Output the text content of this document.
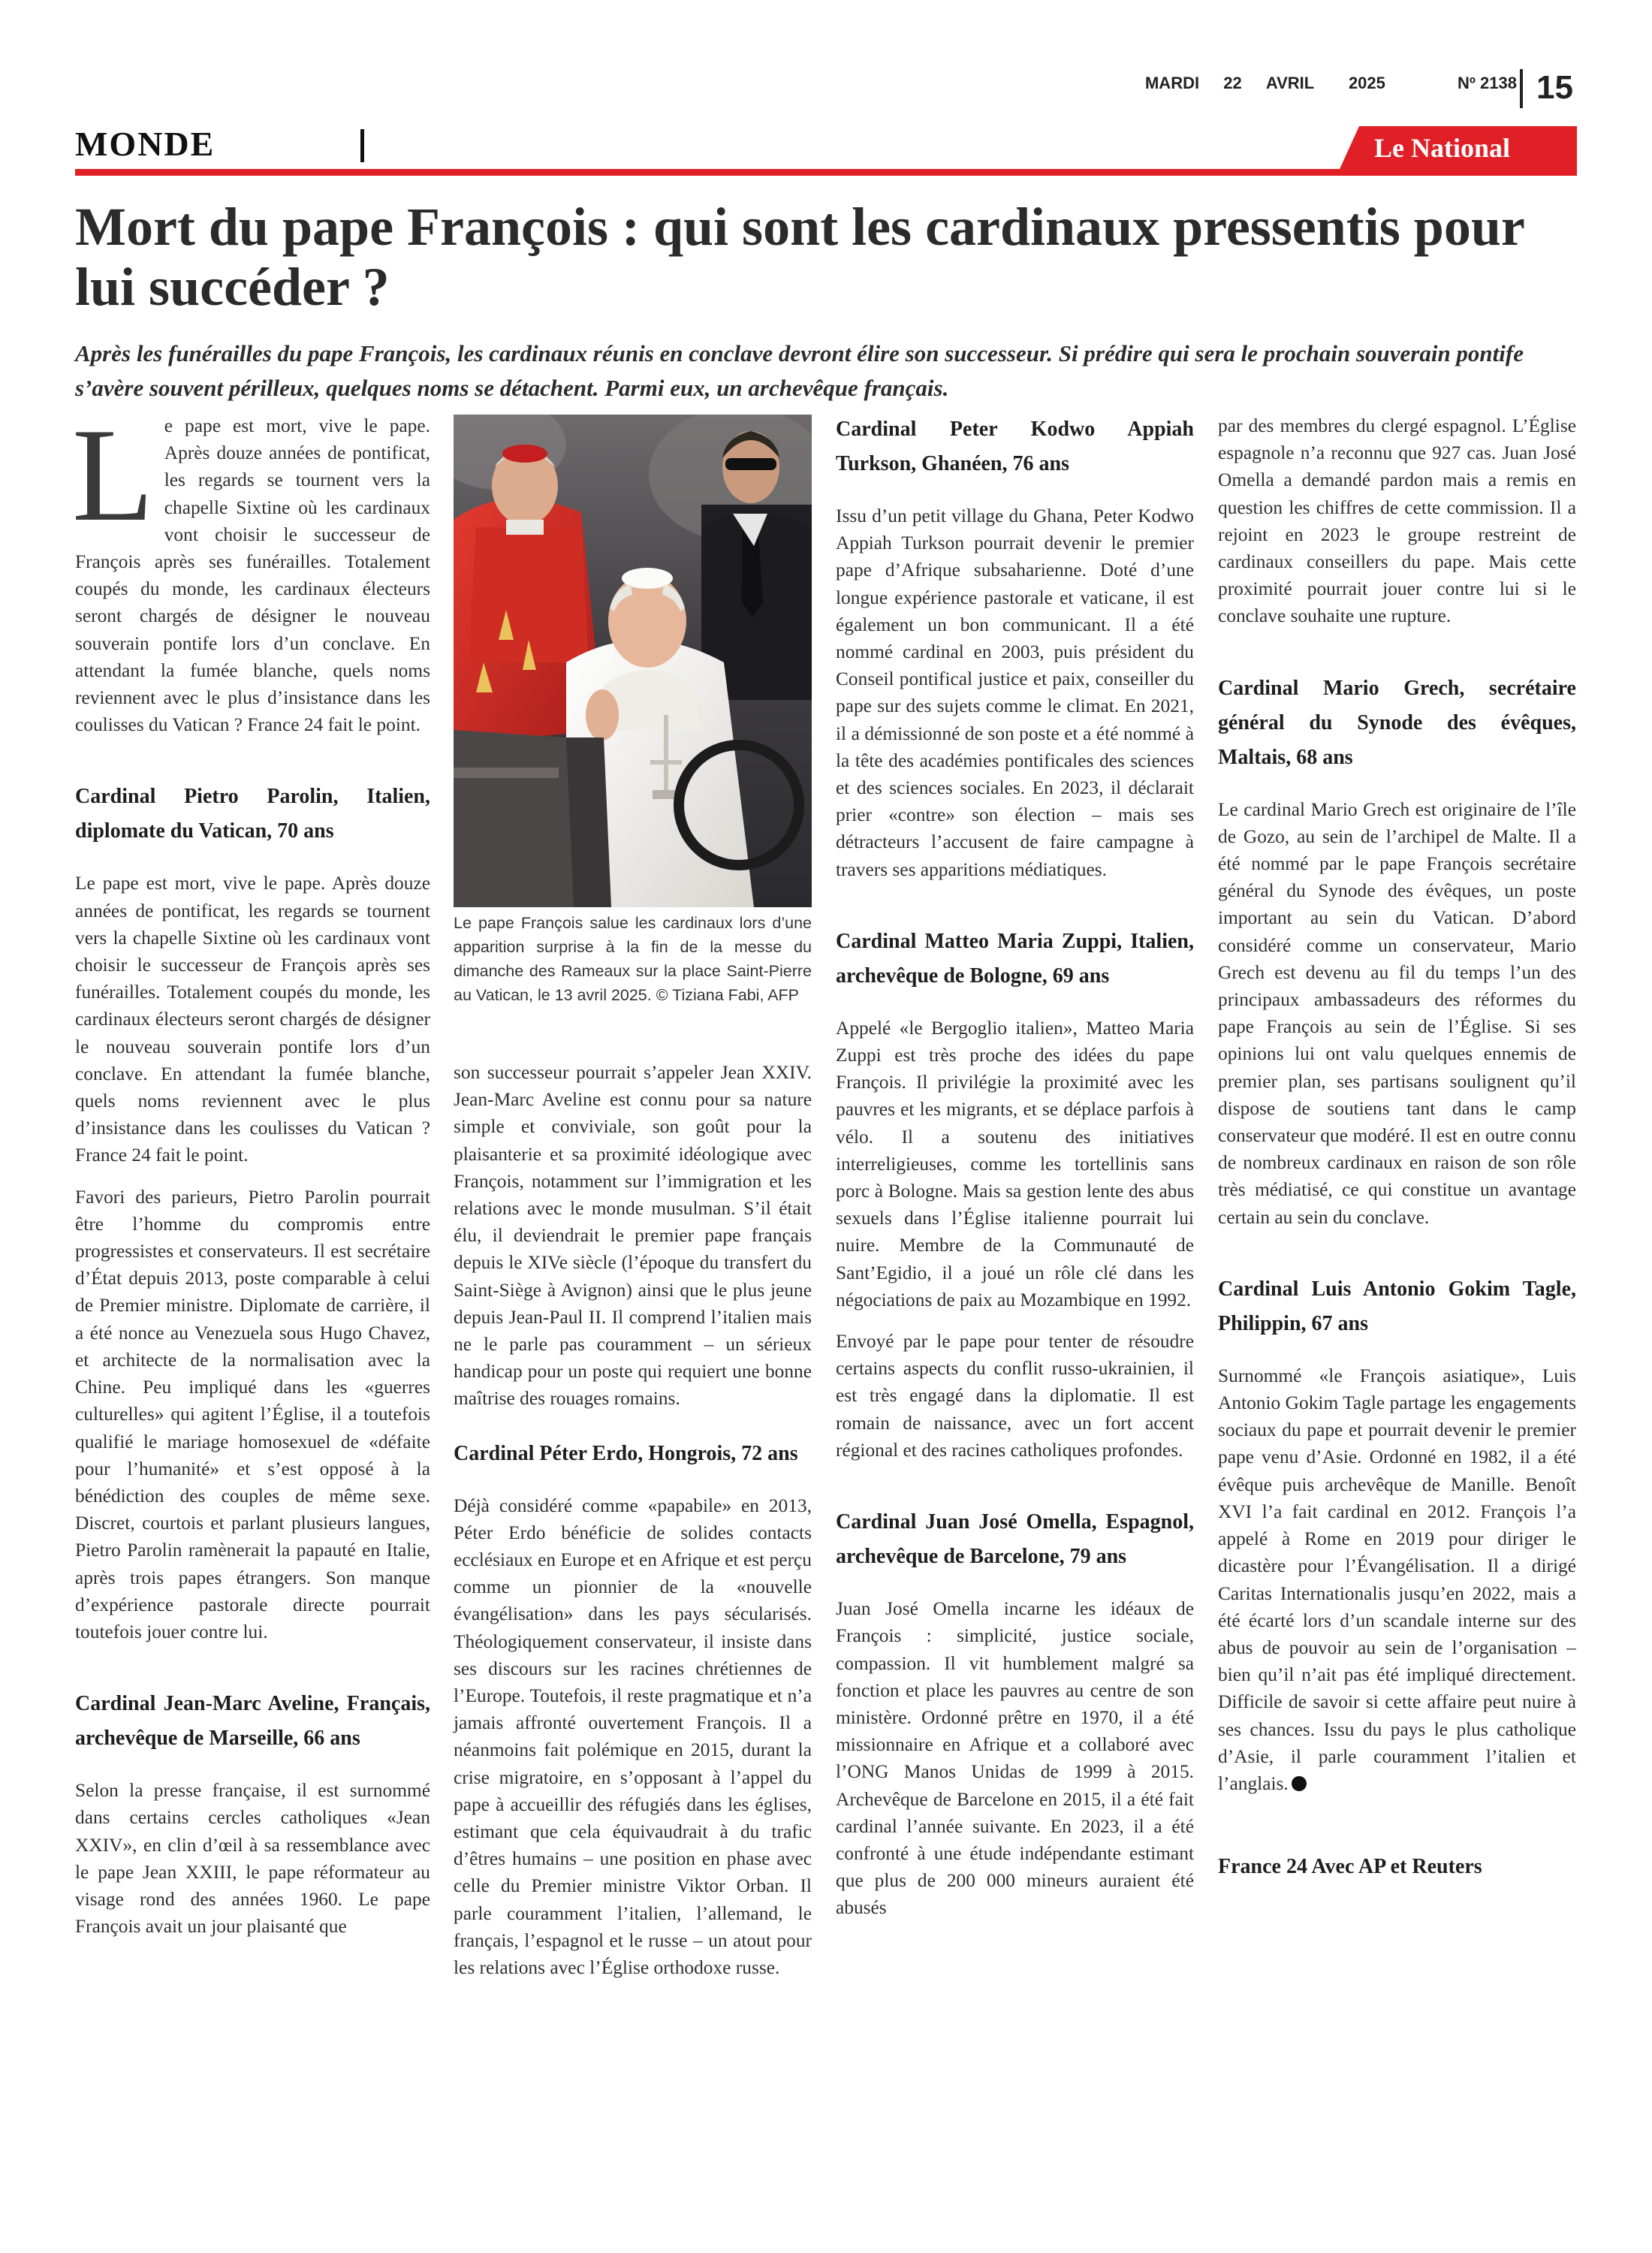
MARDI 22 AVRIL 2025	Nº 2138 15
MONDE	Le National
Mort du pape François : qui sont les cardinaux pressentis pour lui succéder ?

Après les funérailles du pape François, les cardinaux réunis en conclave devront élire son successeur. Si prédire qui sera le prochain souverain pontife s’avère souvent périlleux, quelques noms se détachent. Parmi eux, un archevêque français.

Le pape est mort, vive le pape. Après douze années de pontificat, les regards se tournent vers la chapelle Sixtine où les cardinaux vont choisir le successeur de François après ses funérailles. Totalement coupés du monde, les cardinaux électeurs seront chargés de désigner le nouveau souverain pontife lors d’un conclave. En attendant la fumée blanche, quels noms reviennent avec le plus d’insistance dans les coulisses du Vatican ? France 24 fait le point.

Cardinal Pietro Parolin, Italien, diplomate du Vatican, 70 ans

Le pape est mort, vive le pape. Après douze années de pontificat, les regards se tournent vers la chapelle Sixtine où les cardinaux vont choisir le successeur de François après ses funérailles. Totalement coupés du monde, les cardinaux électeurs seront chargés de désigner le nouveau souverain pontife lors d’un conclave. En attendant la fumée blanche, quels noms reviennent avec le plus d’insistance dans les coulisses du Vatican ? France 24 fait le point.

Favori des parieurs, Pietro Parolin pourrait être l’homme du compromis entre progressistes et conservateurs. Il est secrétaire d’État depuis 2013, poste comparable à celui de Premier ministre. Diplomate de carrière, il a été nonce au Venezuela sous Hugo Chavez, et architecte de la normalisation avec la Chine. Peu impliqué dans les «guerres culturelles» qui agitent l’Église, il a toutefois qualifié le mariage homosexuel de «défaite pour l’humanité» et s’est opposé à la bénédiction des couples de même sexe. Discret, courtois et parlant plusieurs langues, Pietro Parolin ramènerait la papauté en Italie, après trois papes étrangers. Son manque d’expérience pastorale directe pourrait toutefois jouer contre lui.

Cardinal Jean-Marc Aveline, Français, archevêque de Marseille, 66 ans

Selon la presse française, il est surnommé dans certains cercles catholiques «Jean XXIV», en clin d’œil à sa ressemblance avec le pape Jean XXIII, le pape réformateur au visage rond des années 1960. Le pape François avait un jour plaisanté que

Le pape François salue les cardinaux lors d’une apparition surprise à la fin de la messe du dimanche des Rameaux sur la place Saint-Pierre au Vatican, le 13 avril 2025. © Tiziana Fabi, AFP

son successeur pourrait s’appeler Jean XXIV. Jean-Marc Aveline est connu pour sa nature simple et conviviale, son goût pour la plaisanterie et sa proximité idéologique avec François, notamment sur l’immigration et les relations avec le monde musulman. S’il était élu, il deviendrait le premier pape français depuis le XIVe siècle (l’époque du transfert du Saint-Siège à Avignon) ainsi que le plus jeune depuis Jean-Paul II. Il comprend l’italien mais ne le parle pas couramment – un sérieux handicap pour un poste qui requiert une bonne maîtrise des rouages romains.

Cardinal Péter Erdo, Hongrois, 72 ans

Déjà considéré comme «papabile» en 2013, Péter Erdo bénéficie de solides contacts ecclésiaux en Europe et en Afrique et est perçu comme un pionnier de la «nouvelle évangélisation» dans les pays sécularisés. Théologiquement conservateur, il insiste dans ses discours sur les racines chrétiennes de l’Europe. Toutefois, il reste pragmatique et n’a jamais affronté ouvertement François. Il a néanmoins fait polémique en 2015, durant la crise migratoire, en s’opposant à l’appel du pape à accueillir des réfugiés dans les églises, estimant que cela équivaudrait à du trafic d’êtres humains – une position en phase avec celle du Premier ministre Viktor Orban. Il parle couramment l’italien, l’allemand, le français, l’espagnol et le russe – un atout pour les relations avec l’Église orthodoxe russe.

Cardinal Peter Kodwo Appiah Turkson, Ghanéen, 76 ans

Issu d’un petit village du Ghana, Peter Kodwo Appiah Turkson pourrait devenir le premier pape d’Afrique subsaharienne. Doté d’une longue expérience pastorale et vaticane, il est également un bon communicant. Il a été nommé cardinal en 2003, puis président du Conseil pontifical justice et paix, conseiller du pape sur des sujets comme le climat. En 2021, il a démissionné de son poste et a été nommé à la tête des académies pontificales des sciences et des sciences sociales. En 2023, il déclarait prier «contre» son élection – mais ses détracteurs l’accusent de faire campagne à travers ses apparitions médiatiques.

Cardinal Matteo Maria Zuppi, Italien, archevêque de Bologne, 69 ans

Appelé «le Bergoglio italien», Matteo Maria Zuppi est très proche des idées du pape François. Il privilégie la proximité avec les pauvres et les migrants, et se déplace parfois à vélo. Il a soutenu des initiatives interreligieuses, comme les tortellinis sans porc à Bologne. Mais sa gestion lente des abus sexuels dans l’Église italienne pourrait lui nuire. Membre de la Communauté de Sant’Egidio, il a joué un rôle clé dans les négociations de paix au Mozambique en 1992.

Envoyé par le pape pour tenter de résoudre certains aspects du conflit russo-ukrainien, il est très engagé dans la diplomatie. Il est romain de naissance, avec un fort accent régional et des racines catholiques profondes.

Cardinal Juan José Omella, Espagnol, archevêque de Barcelone, 79 ans

Juan José Omella incarne les idéaux de François : simplicité, justice sociale, compassion. Il vit humblement malgré sa fonction et place les pauvres au centre de son ministère. Ordonné prêtre en 1970, il a été missionnaire en Afrique et a collaboré avec l’ONG Manos Unidas de 1999 à 2015. Archevêque de Barcelone en 2015, il a été fait cardinal l’année suivante. En 2023, il a été confronté à une étude indépendante estimant que plus de 200 000 mineurs auraient été abusés

par des membres du clergé espagnol. L’Église espagnole n’a reconnu que 927 cas. Juan José Omella a demandé pardon mais a remis en question les chiffres de cette commission. Il a rejoint en 2023 le groupe restreint de cardinaux conseillers du pape. Mais cette proximité pourrait jouer contre lui si le conclave souhaite une rupture.

Cardinal Mario Grech, secrétaire général du Synode des évêques, Maltais, 68 ans

Le cardinal Mario Grech est originaire de l’île de Gozo, au sein de l’archipel de Malte. Il a été nommé par le pape François secrétaire général du Synode des évêques, un poste important au sein du Vatican. D’abord considéré comme un conservateur, Mario Grech est devenu au fil du temps l’un des principaux ambassadeurs des réformes du pape François au sein de l’Église. Si ses opinions lui ont valu quelques ennemis de premier plan, ses partisans soulignent qu’il dispose de soutiens tant dans le camp conservateur que modéré. Il est en outre connu de nombreux cardinaux en raison de son rôle très médiatisé, ce qui constitue un avantage certain au sein du conclave.

Cardinal Luis Antonio Gokim Tagle, Philippin, 67 ans

Surnommé «le François asiatique», Luis Antonio Gokim Tagle partage les engagements sociaux du pape et pourrait devenir le premier pape venu d’Asie. Ordonné en 1982, il a été évêque puis archevêque de Manille. Benoît XVI l’a fait cardinal en 2012. François l’a appelé à Rome en 2019 pour diriger le dicastère pour l’Évangélisation. Il a dirigé Caritas Internationalis jusqu’en 2022, mais a été écarté lors d’un scandale interne sur des abus de pouvoir au sein de l’organisation – bien qu’il n’ait pas été impliqué directement. Difficile de savoir si cette affaire peut nuire à ses chances. Issu du pays le plus catholique d’Asie, il parle couramment l’italien et l’anglais.

France 24 Avec AP et Reuters
